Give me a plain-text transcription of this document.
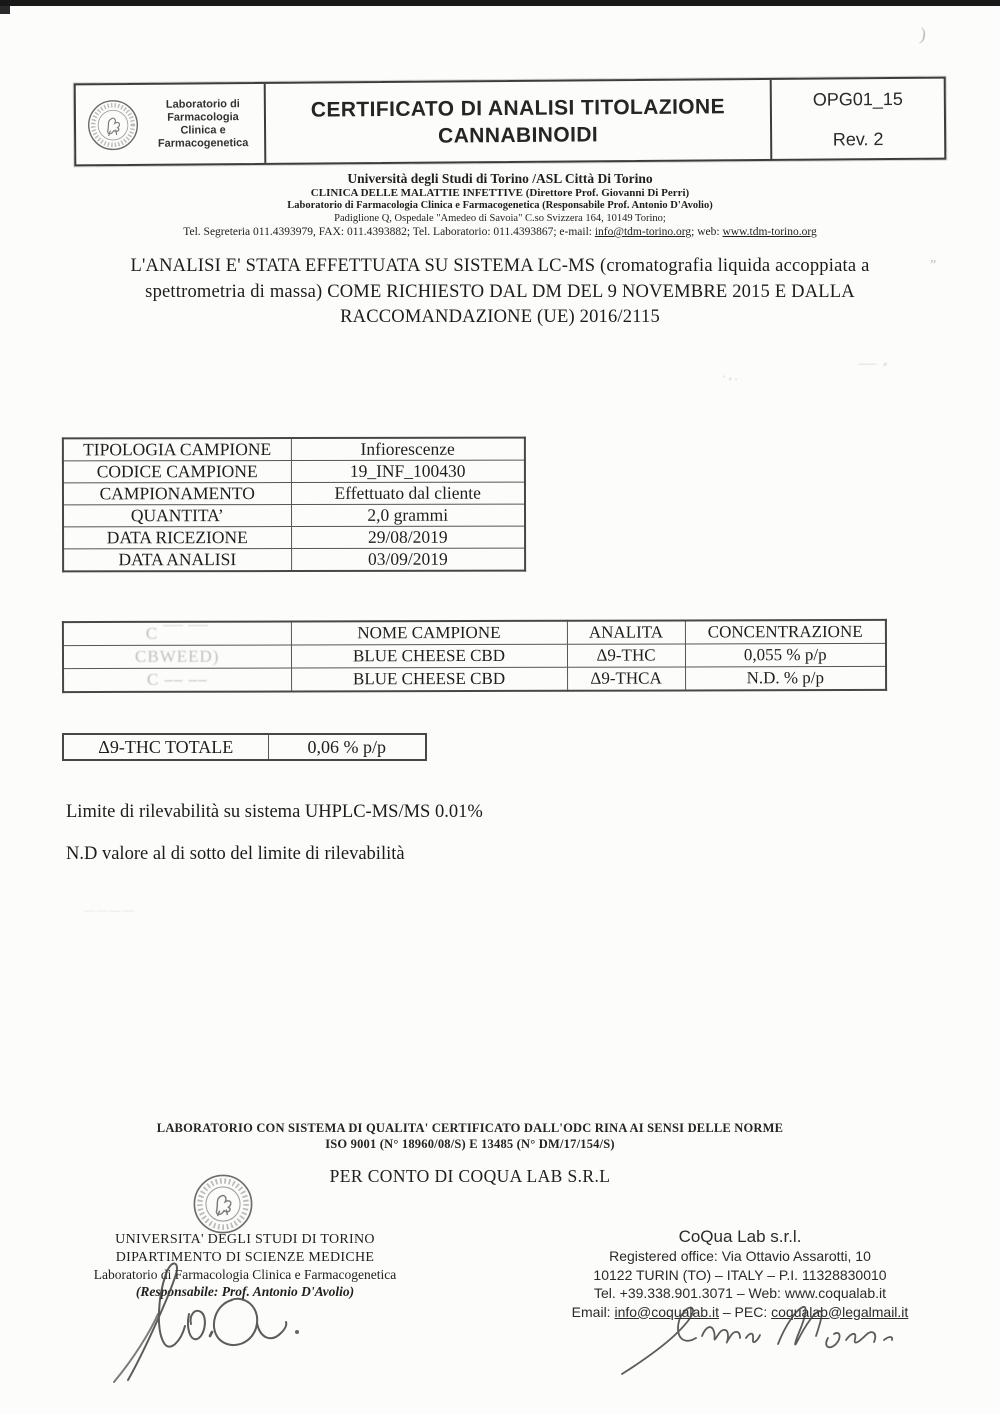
)
”
⸺ ⸗
· ، .
————
Laboratorio di
Farmacologia
Clinica e
Farmacogenetica
CERTIFICATO DI ANALISI TITOLAZIONE
CANNABINOIDI
OPG01_15
Rev. 2
Università degli Studi di Torino /ASL Città Di Torino
CLINICA DELLE MALATTIE INFETTIVE (Direttore Prof. Giovanni Di Perri)
Laboratorio di Farmacologia Clinica e Farmacogenetica (Responsabile Prof. Antonio D'Avolio)
Padiglione Q, Ospedale "Amedeo di Savoia" C.so Svizzera 164, 10149 Torino;
Tel. Segreteria 011.4393979, FAX: 011.4393882; Tel. Laboratorio: 011.4393867; e-mail: info@tdm-torino.org; web: www.tdm-torino.org
L'ANALISI E' STATA EFFETTUATA SU SISTEMA LC-MS (cromatografia liquida accoppiata a
spettrometria di massa) COME RICHIESTO DAL DM DEL 9 NOVEMBRE 2015 E DALLA
RACCOMANDAZIONE (UE) 2016/2115
TIPOLOGIA CAMPIONE	Infiorescenze
CODICE CAMPIONE	19_INF_100430
CAMPIONAMENTO	Effettuato dal cliente
QUANTITA’	2,0 grammi
DATA RICEZIONE	29/08/2019
DATA ANALISI	03/09/2019
C ‾‾‾ ‾‾‾	NOME CAMPIONE	ANALITA	CONCENTRAZIONE
CBWEED)	BLUE CHEESE CBD	Δ9-THC	0,055 % p/p
C ⎯⎯ ⎯⎯	BLUE CHEESE CBD	Δ9-THCA	N.D. % p/p
Δ9-THC TOTALE	0,06 % p/p
Limite di rilevabilità su sistema UHPLC-MS/MS 0.01%
N.D valore al di sotto del limite di rilevabilità
LABORATORIO CON SISTEMA DI QUALITA' CERTIFICATO DALL'ODC RINA AI SENSI DELLE NORME
ISO 9001 (N° 18960/08/S) E 13485 (N° DM/17/154/S)
PER CONTO DI COQUA LAB S.R.L
UNIVERSITA' DEGLI STUDI DI TORINO
DIPARTIMENTO DI SCIENZE MEDICHE
Laboratorio di Farmacologia Clinica e Farmacogenetica
(Responsabile: Prof. Antonio D'Avolio)
CoQua Lab s.r.l.
Registered office: Via Ottavio Assarotti, 10
10122 TURIN (TO) – ITALY – P.I. 11328830010
Tel. +39.338.901.3071 – Web: www.coqualab.it
Email: info@coqualab.it – PEC: coqualab@legalmail.it
